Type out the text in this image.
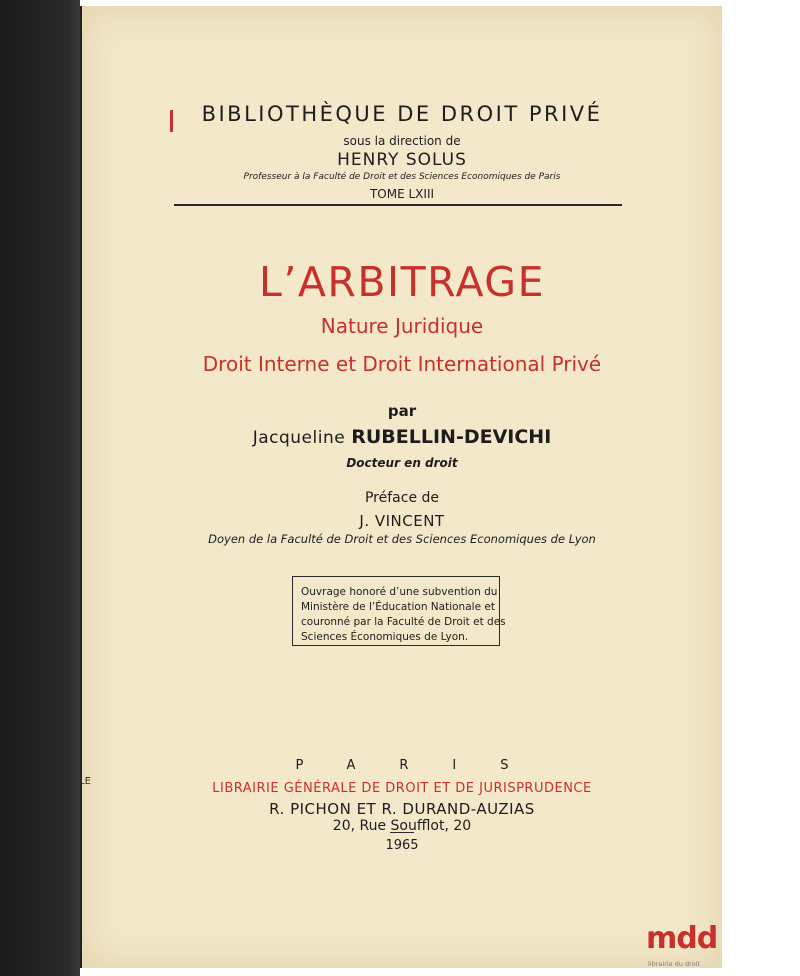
BIBLIOTHÈQUE DE DROIT PRIVÉ
sous la direction de
HENRY SOLUS
Professeur à la Faculté de Droit et des Sciences Economiques de Paris
TOME LXIII
L’ARBITRAGE
Nature Juridique
Droit Interne et Droit International Privé
par
Jacqueline RUBELLIN-DEVICHI
Docteur en droit
Préface de
J. VINCENT
Doyen de la Faculté de Droit et des Sciences Economiques de Lyon
Ouvrage honoré d’une subvention du
Ministère de l’Éducation Nationale et
couronné par la Faculté de Droit et des
Sciences Économiques de Lyon.
PARIS
LIBRAIRIE GÉNÉRALE DE DROIT ET DE JURISPRUDENCE
R. PICHON ET R. DURAND-AUZIAS
20, Rue Soufflot, 20
1965
LE
mdd
librairie du droit
